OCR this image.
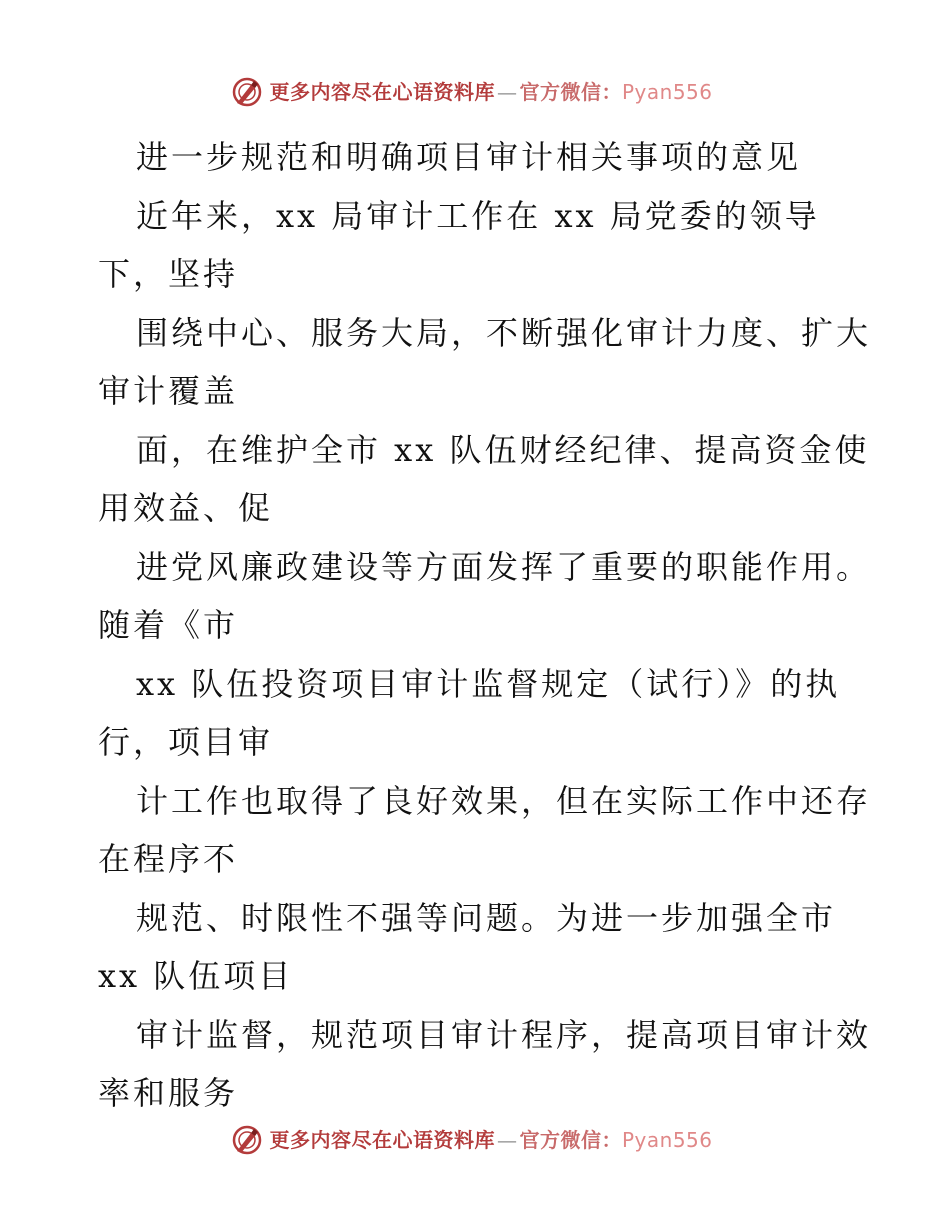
更多内容尽在心语资料库 — 官方微信：Pyan556
进一步规范和明确项目审计相关事项的意见
近年来，xx 局审计工作在 xx 局党委的领导
下，坚持
围绕中心、服务大局，不断强化审计力度、扩大
审计覆盖
面，在维护全市 xx 队伍财经纪律、提高资金使
用效益、促
进党风廉政建设等方面发挥了重要的职能作用。
随着《市
xx 队伍投资项目审计监督规定（试行）》的执
行，项目审
计工作也取得了良好效果，但在实际工作中还存
在程序不
规范、时限性不强等问题。为进一步加强全市
xx 队伍项目
审计监督，规范项目审计程序，提高项目审计效
率和服务
更多内容尽在心语资料库 — 官方微信：Pyan556
